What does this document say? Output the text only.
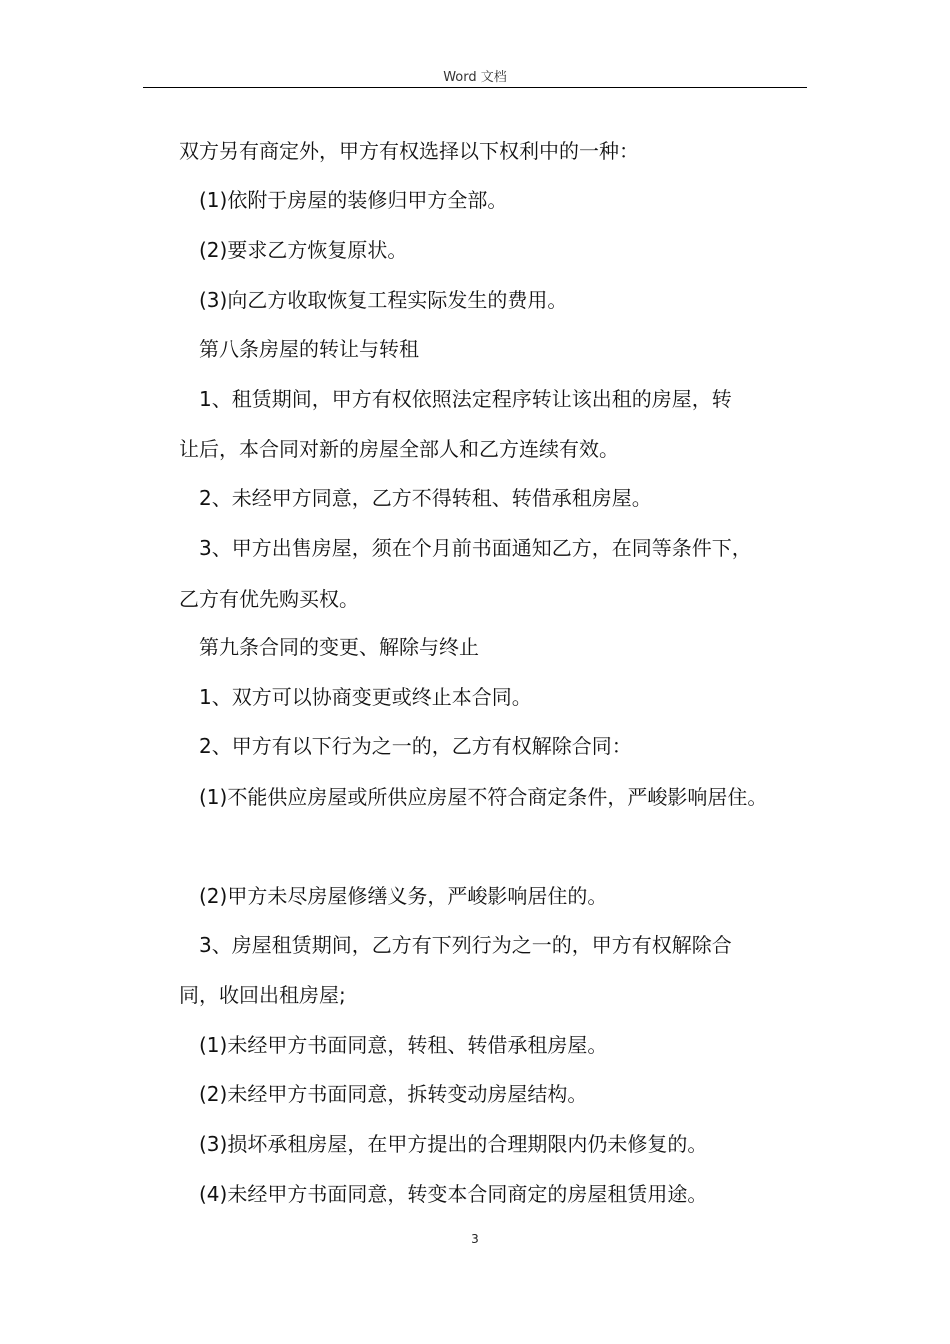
Word 文档
双方另有商定外，甲方有权选择以下权利中的一种：
(1)依附于房屋的装修归甲方全部。
(2)要求乙方恢复原状。
(3)向乙方收取恢复工程实际发生的费用。
第八条房屋的转让与转租
1、租赁期间，甲方有权依照法定程序转让该出租的房屋，转
让后，本合同对新的房屋全部人和乙方连续有效。
2、未经甲方同意，乙方不得转租、转借承租房屋。
3、甲方出售房屋，须在个月前书面通知乙方，在同等条件下，
乙方有优先购买权。
第九条合同的变更、解除与终止
1、双方可以协商变更或终止本合同。
2、甲方有以下行为之一的，乙方有权解除合同：
(1)不能供应房屋或所供应房屋不符合商定条件，严峻影响居住。
(2)甲方未尽房屋修缮义务，严峻影响居住的。
3、房屋租赁期间，乙方有下列行为之一的，甲方有权解除合
同，收回出租房屋;
(1)未经甲方书面同意，转租、转借承租房屋。
(2)未经甲方书面同意，拆转变动房屋结构。
(3)损坏承租房屋，在甲方提出的合理期限内仍未修复的。
(4)未经甲方书面同意，转变本合同商定的房屋租赁用途。
3
